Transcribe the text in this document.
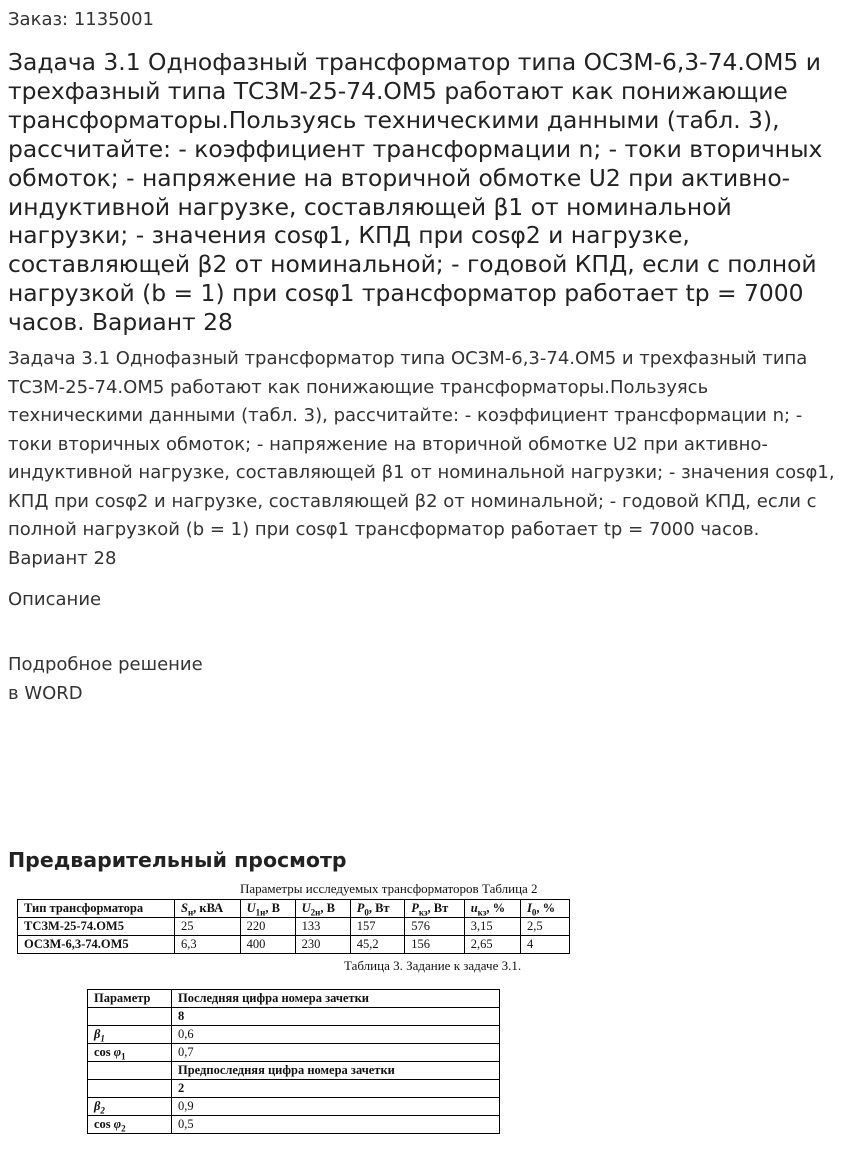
Заказ: 1135001
Задача 3.1 Однофазный трансформатор типа ОСЗМ-6,3-74.ОМ5 и трехфазный типа ТСЗМ-25-74.ОМ5 работают как понижающие трансформаторы.Пользуясь техническими данными (табл. 3), рассчитайте: - коэффициент трансформации n; - токи вторичных обмоток; - напряжение на вторичной обмотке U2 при активно-индуктивной нагрузке, составляющей β1 от номинальной нагрузки; - значения cosφ1, КПД при cosφ2 и нагрузке, составляющей β2 от номинальной; - годовой КПД, если с полной нагрузкой (b = 1) при cosφ1 трансформатор работает tр = 7000 часов. Вариант 28
Задача 3.1 Однофазный трансформатор типа ОСЗМ-6,3-74.ОМ5 и трехфазный типа ТСЗМ-25-74.ОМ5 работают как понижающие трансформаторы.Пользуясь техническими данными (табл. 3), рассчитайте: - коэффициент трансформации n; - токи вторичных обмоток; - напряжение на вторичной обмотке U2 при активно-индуктивной нагрузке, составляющей β1 от номинальной нагрузки; - значения cosφ1, КПД при cosφ2 и нагрузке, составляющей β2 от номинальной; - годовой КПД, если с полной нагрузкой (b = 1) при cosφ1 трансформатор работает tр = 7000 часов. Вариант 28
Описание
Подробное решение
в WORD
Предварительный просмотр
Параметры исследуемых трансформаторов Таблица 2
Тип трансформатора	$S_н$, кВА	$U_{1н}$, В	$U_{2н}$, В	$P_0$, Вт	$P_{кз}$, Вт	$u_{кз}$, %	$I_0$, %
ТСЗМ-25-74.ОМ5	25	220	133	157	576	3,15	2,5
ОСЗМ-6,3-74.ОМ5	6,3	400	230	45,2	156	2,65	4
Таблица 3. Задание к задаче 3.1.
Параметр	Последняя цифра номера зачетки
	8
$\beta_1$	0,6
$\cos \varphi_1$	0,7
	Предпоследняя цифра номера зачетки
	2
$\beta_2$	0,9
$\cos \varphi_2$	0,5
